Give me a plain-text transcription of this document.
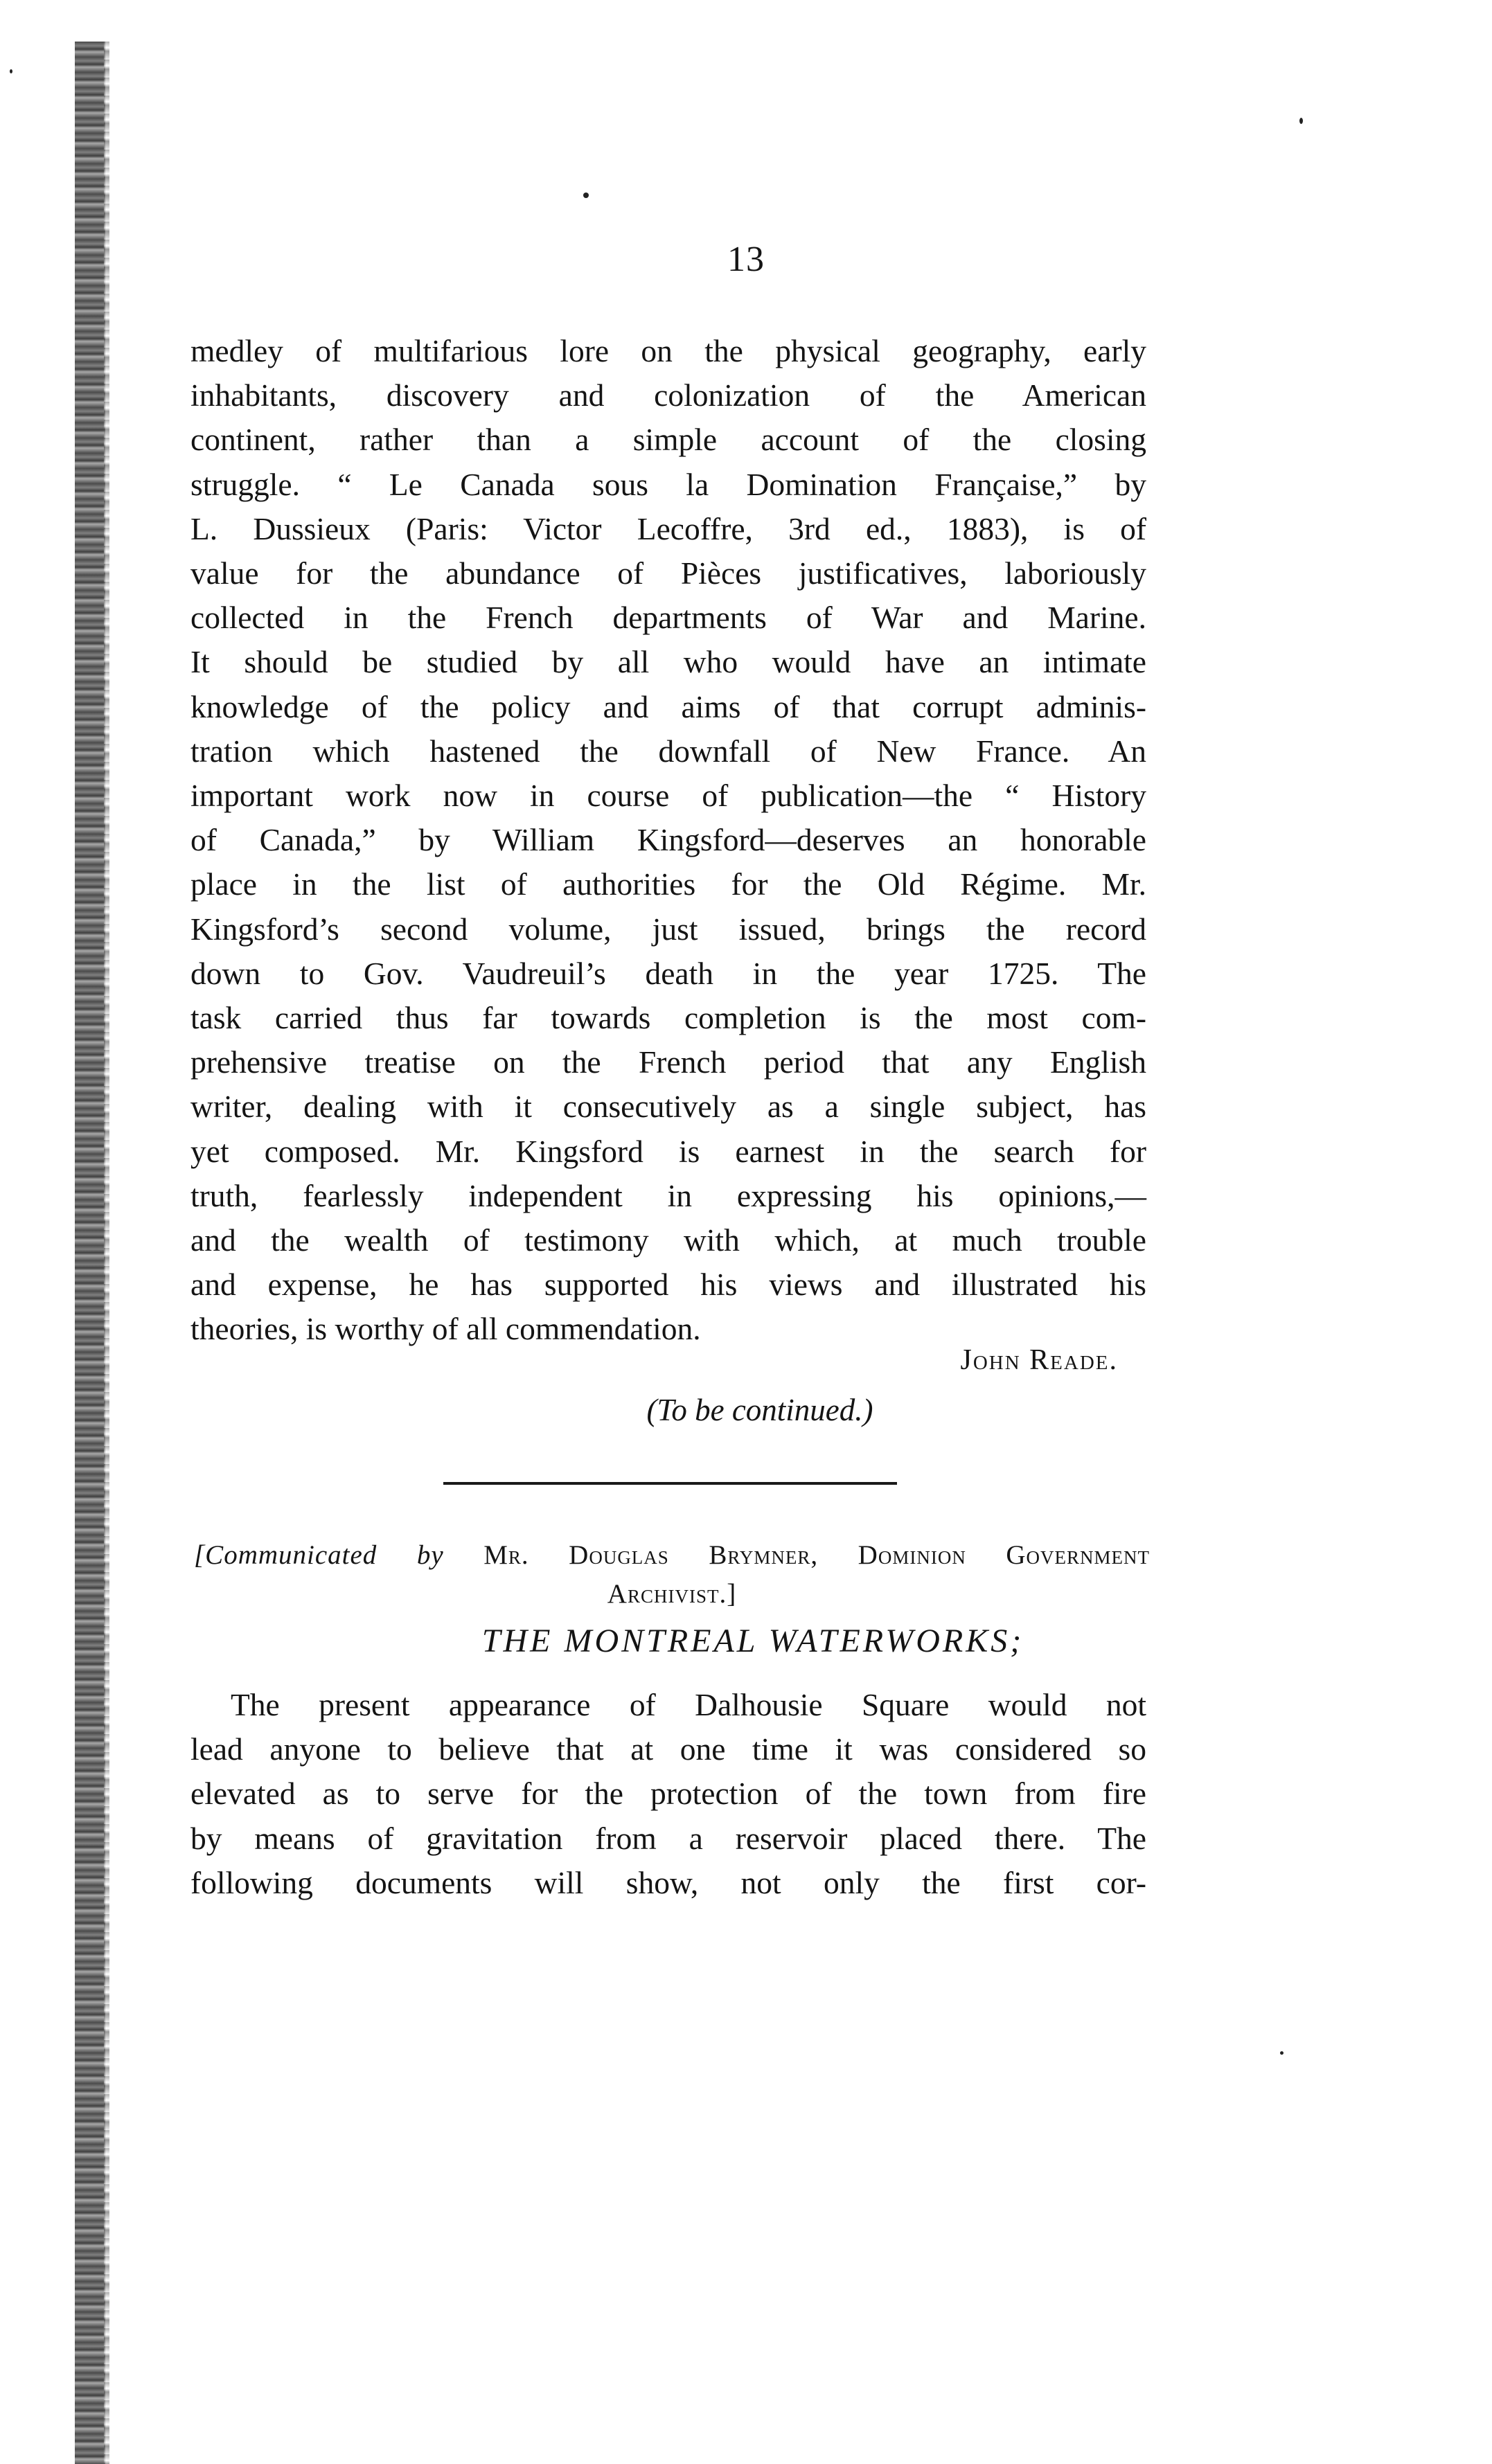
13
medley of multifarious lore on the physical geography, early
inhabitants, discovery and colonization of the American
continent, rather than a simple account of the closing
struggle. “ Le Canada sous la Domination Française,” by
L. Dussieux (Paris: Victor Lecoffre, 3rd ed., 1883), is of
value for the abundance of Pièces justificatives, laboriously
collected in the French departments of War and Marine.
It should be studied by all who would have an intimate
knowledge of the policy and aims of that corrupt adminis-
tration which hastened the downfall of New France. An
important work now in course of publication—the “ History
of Canada,” by William Kingsford—deserves an honorable
place in the list of authorities for the Old Régime. Mr.
Kingsford’s second volume, just issued, brings the record
down to Gov. Vaudreuil’s death in the year 1725. The
task carried thus far towards completion is the most com-
prehensive treatise on the French period that any English
writer, dealing with it consecutively as a single subject, has
yet composed. Mr. Kingsford is earnest in the search for
truth, fearlessly independent in expressing his opinions,—
and the wealth of testimony with which, at much trouble
and expense, he has supported his views and illustrated his
theories, is worthy of all commendation.
John Reade.
(To be continued.)
[Communicated by Mr. Douglas Brymner, Dominion Government
Archivist.]
THE MONTREAL WATERWORKS;
The present appearance of Dalhousie Square would not
lead anyone to believe that at one time it was considered so
elevated as to serve for the protection of the town from fire
by means of gravitation from a reservoir placed there. The
following documents will show, not only the first cor-
